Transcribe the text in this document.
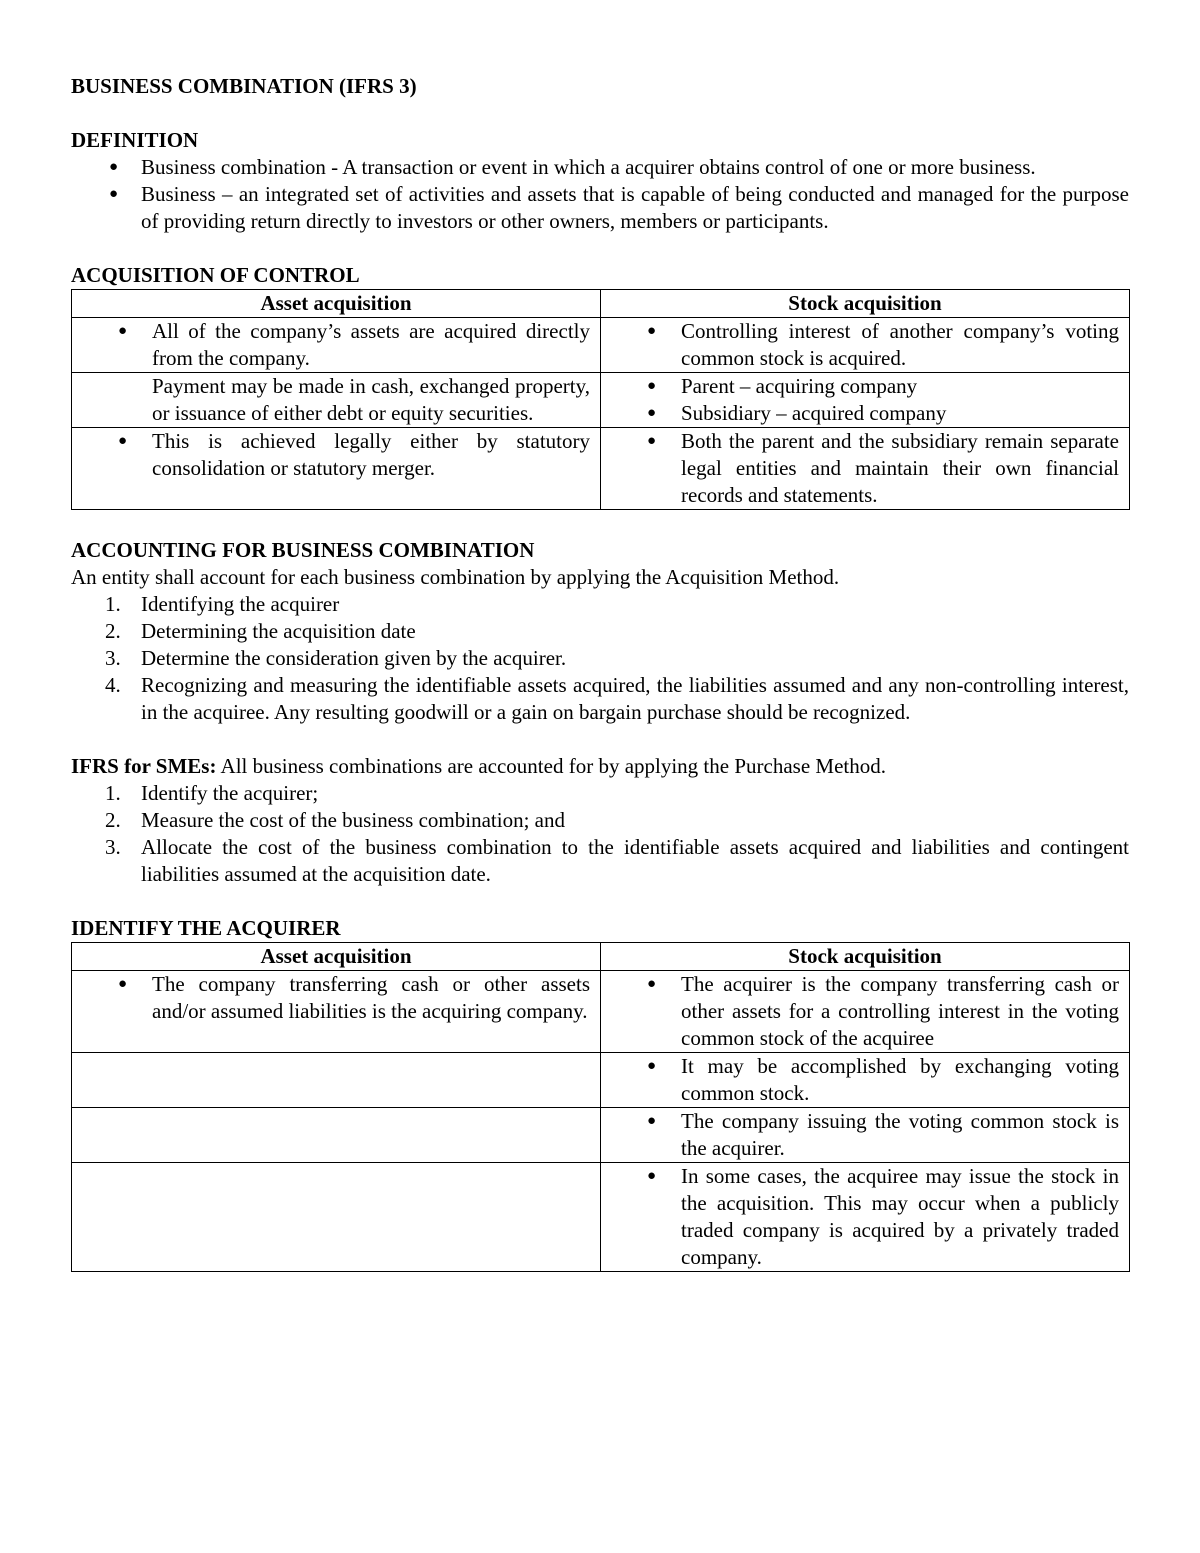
BUSINESS COMBINATION (IFRS 3)
DEFINITION
● Business combination - A transaction or event in which a acquirer obtains control of one or more business.
● Business – an integrated set of activities and assets that is capable of being conducted and managed for the purpose of providing return directly to investors or other owners, members or participants.
ACQUISITION OF CONTROL
Asset acquisition	Stock acquisition

● All of the company’s assets are acquired directly from the company.	● Controlling interest of another company’s voting common stock is acquired.

Payment may be made in cash, exchanged property, or issuance of either debt or equity securities.	● Parent – acquiring company
● Subsidiary – acquired company

● This is achieved legally either by statutory consolidation or statutory merger.	● Both the parent and the subsidiary remain separate legal entities and maintain their own financial records and statements.
ACCOUNTING FOR BUSINESS COMBINATION
An entity shall account for each business combination by applying the Acquisition Method.
1. Identifying the acquirer
2. Determining the acquisition date
3. Determine the consideration given by the acquirer.
4. Recognizing and measuring the identifiable assets acquired, the liabilities assumed and any non-controlling interest, in the acquiree. Any resulting goodwill or a gain on bargain purchase should be recognized.
IFRS for SMEs: All business combinations are accounted for by applying the Purchase Method.
1. Identify the acquirer;
2. Measure the cost of the business combination; and
3. Allocate the cost of the business combination to the identifiable assets acquired and liabilities and contingent liabilities assumed at the acquisition date.
IDENTIFY THE ACQUIRER
Asset acquisition	Stock acquisition

● The company transferring cash or other assets and/or assumed liabilities is the acquiring company.	● The acquirer is the company transferring cash or other assets for a controlling interest in the voting common stock of the acquiree

	● It may be accomplished by exchanging voting common stock.

	● The company issuing the voting common stock is the acquirer.

	● In some cases, the acquiree may issue the stock in the acquisition. This may occur when a publicly traded company is acquired by a privately traded company.
